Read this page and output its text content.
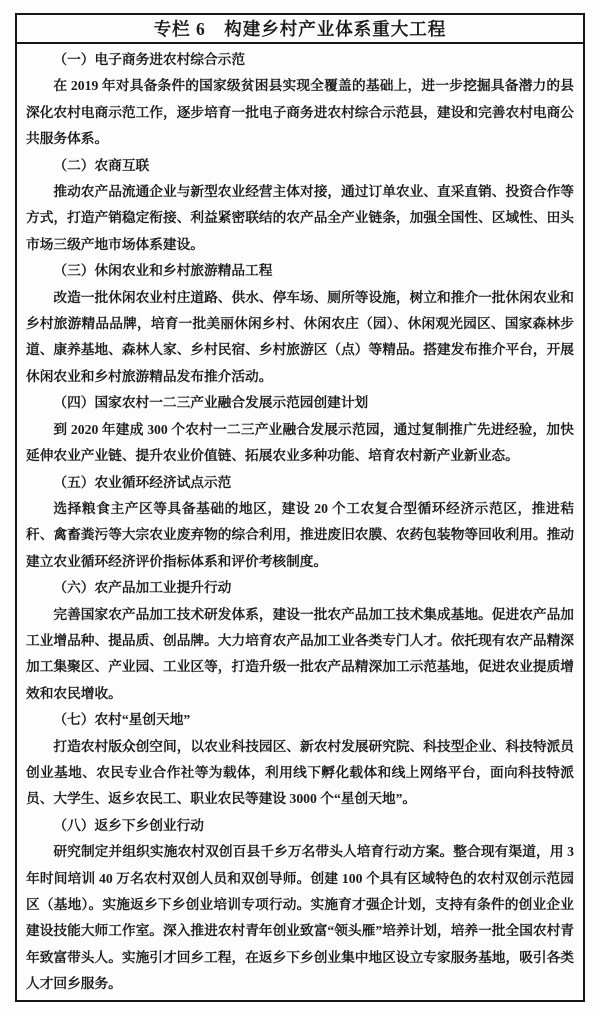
专栏 6　构建乡村产业体系重大工程
（一）电子商务进农村综合示范

在 2019 年对具备条件的国家级贫困县实现全覆盖的基础上，进一步挖掘具备潜力的县深化农村电商示范工作，逐步培育一批电子商务进农村综合示范县，建设和完善农村电商公共服务体系。

（二）农商互联

推动农产品流通企业与新型农业经营主体对接，通过订单农业、直采直销、投资合作等方式，打造产销稳定衔接、利益紧密联结的农产品全产业链条，加强全国性、区域性、田头市场三级产地市场体系建设。

（三）休闲农业和乡村旅游精品工程

改造一批休闲农业村庄道路、供水、停车场、厕所等设施，树立和推介一批休闲农业和乡村旅游精品品牌，培育一批美丽休闲乡村、休闲农庄（园）、休闲观光园区、国家森林步道、康养基地、森林人家、乡村民宿、乡村旅游区（点）等精品。搭建发布推介平台，开展休闲农业和乡村旅游精品发布推介活动。

（四）国家农村一二三产业融合发展示范园创建计划

到 2020 年建成 300 个农村一二三产业融合发展示范园，通过复制推广先进经验，加快延伸农业产业链、提升农业价值链、拓展农业多种功能、培育农村新产业新业态。

（五）农业循环经济试点示范

选择粮食主产区等具备基础的地区，建设 20 个工农复合型循环经济示范区，推进秸秆、禽畜粪污等大宗农业废弃物的综合利用，推进废旧农膜、农药包装物等回收利用。推动建立农业循环经济评价指标体系和评价考核制度。

（六）农产品加工业提升行动

完善国家农产品加工技术研发体系，建设一批农产品加工技术集成基地。促进农产品加工业增品种、提品质、创品牌。大力培育农产品加工业各类专门人才。依托现有农产品精深加工集聚区、产业园、工业区等，打造升级一批农产品精深加工示范基地，促进农业提质增效和农民增收。

（七）农村“星创天地”

打造农村版众创空间，以农业科技园区、新农村发展研究院、科技型企业、科技特派员创业基地、农民专业合作社等为载体，利用线下孵化载体和线上网络平台，面向科技特派员、大学生、返乡农民工、职业农民等建设 3000 个“星创天地”。

（八）返乡下乡创业行动

研究制定并组织实施农村双创百县千乡万名带头人培育行动方案。整合现有渠道，用 3 年时间培训 40 万名农村双创人员和双创导师。创建 100 个具有区域特色的农村双创示范园区（基地）。实施返乡下乡创业培训专项行动。实施育才强企计划，支持有条件的创业企业建设技能大师工作室。深入推进农村青年创业致富“领头雁”培养计划，培养一批全国农村青年致富带头人。实施引才回乡工程，在返乡下乡创业集中地区设立专家服务基地，吸引各类人才回乡服务。
